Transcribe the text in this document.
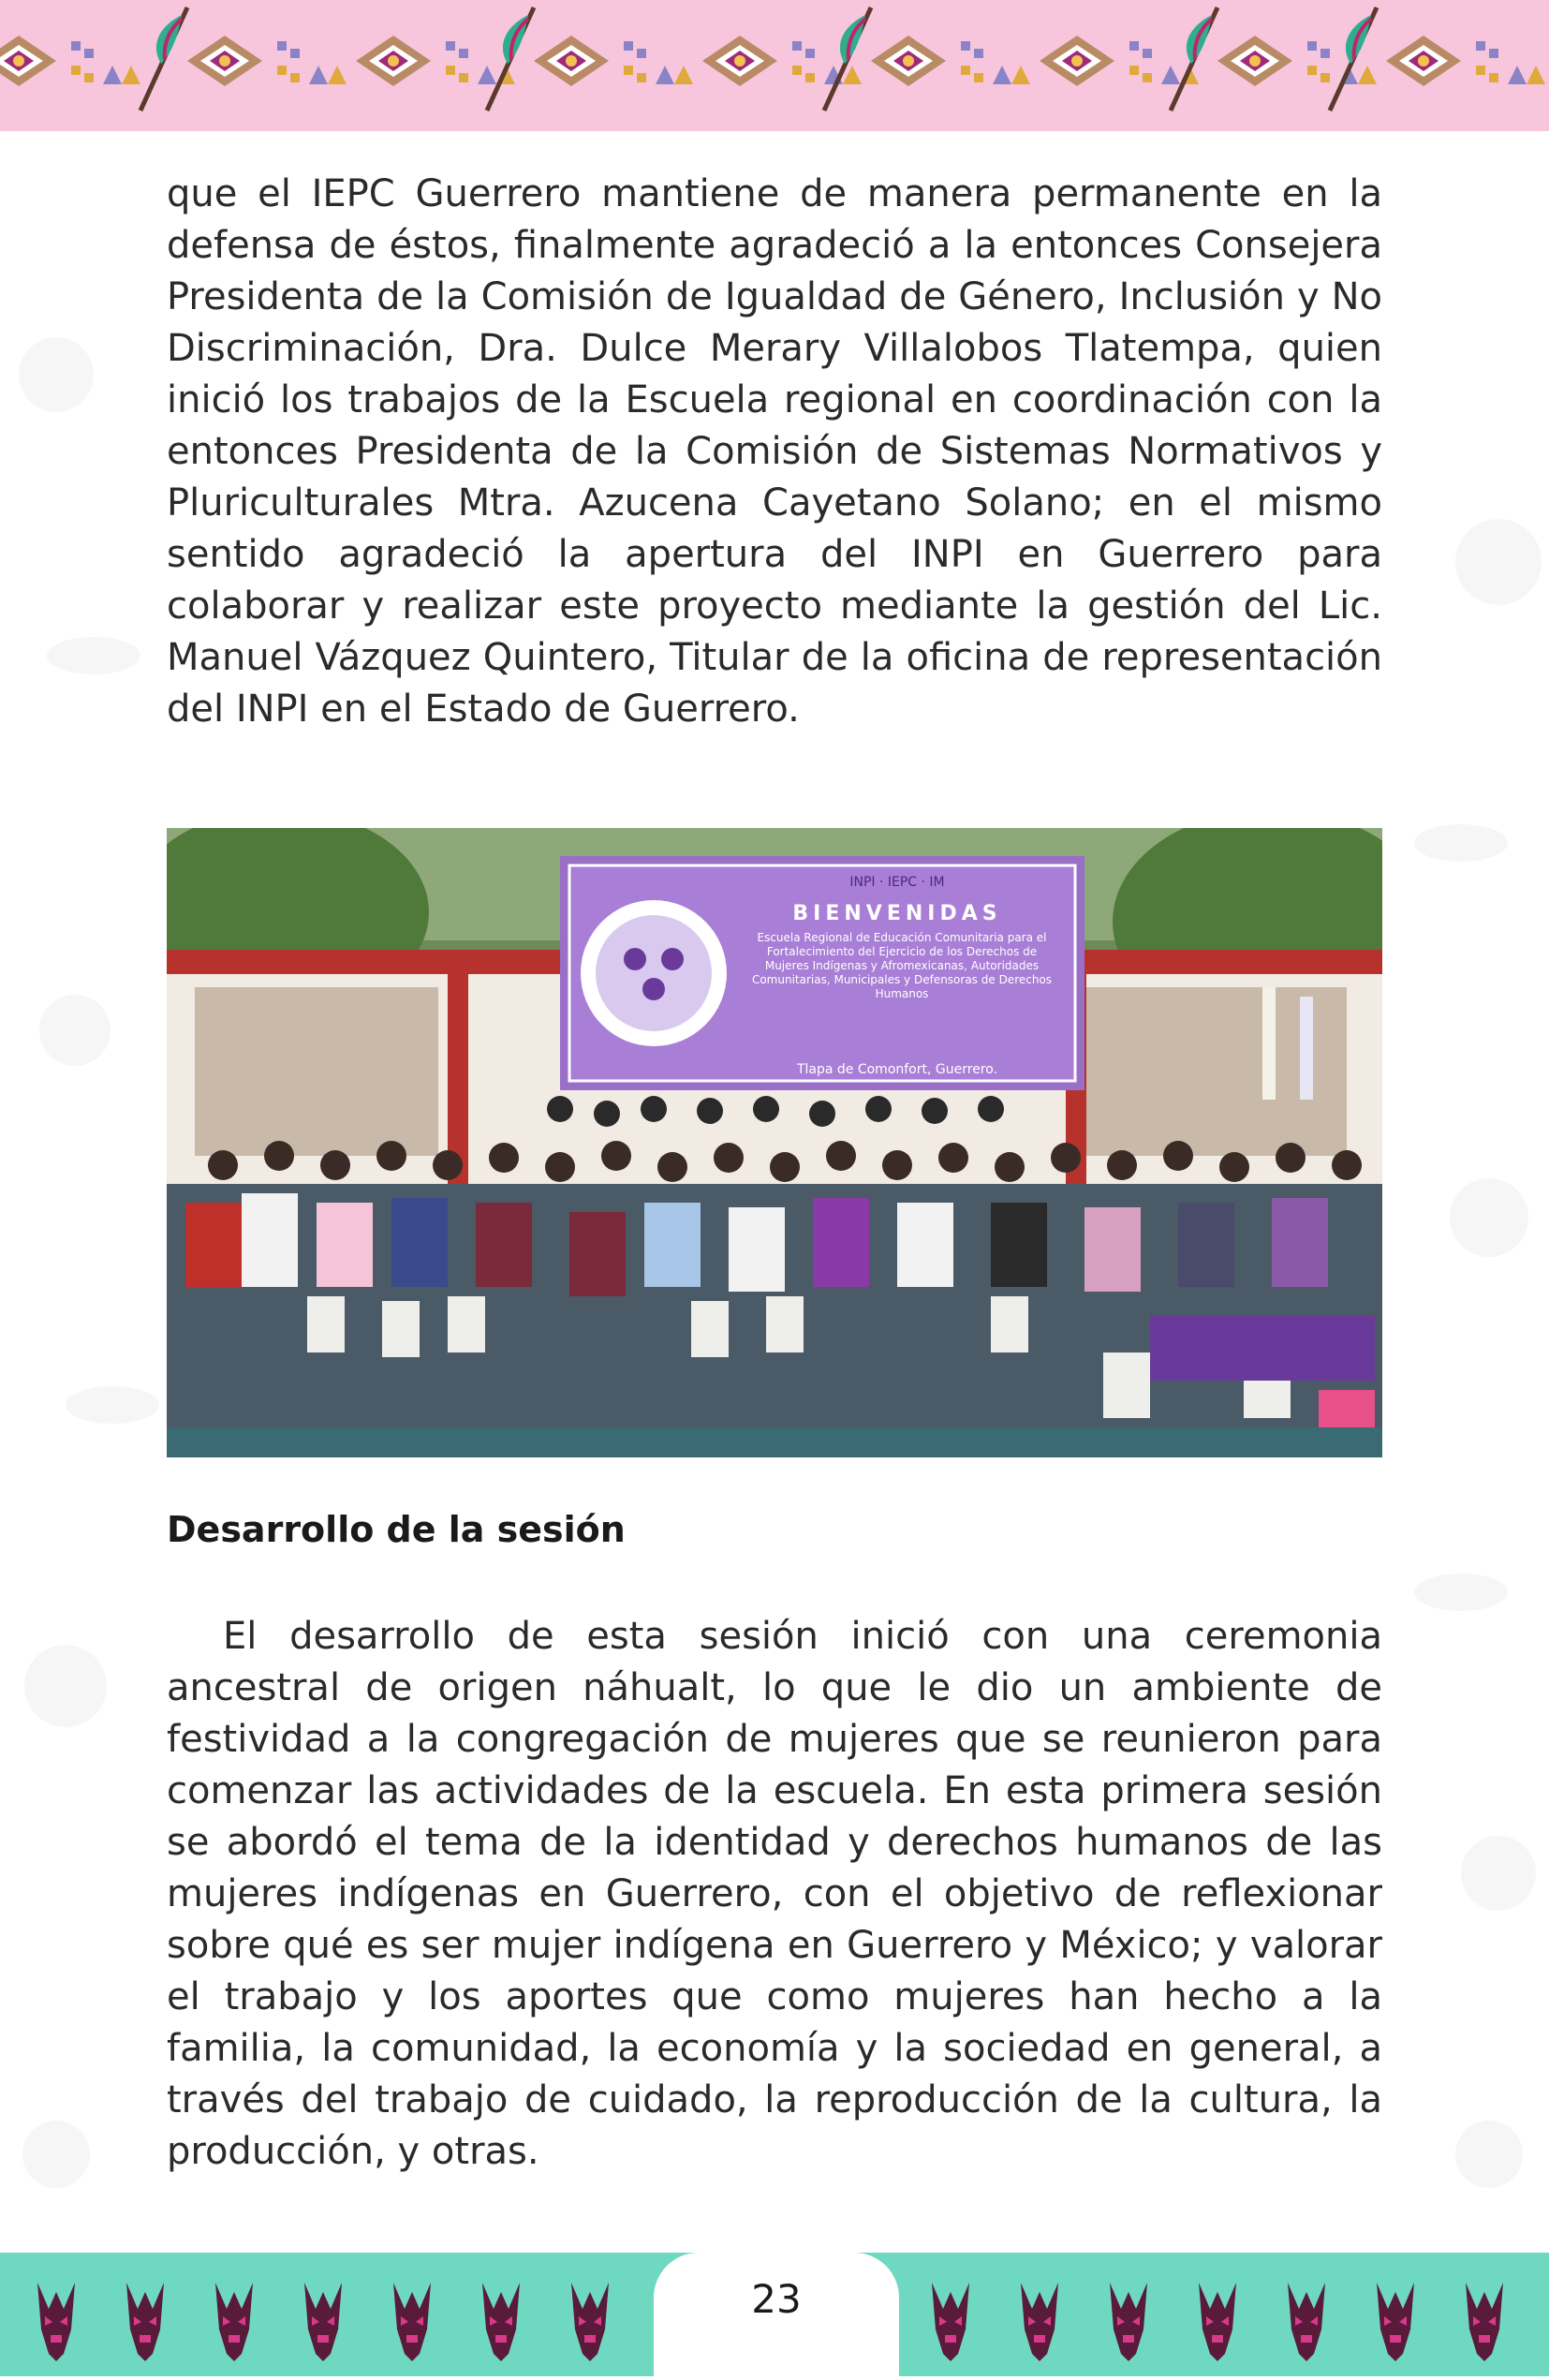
que el IEPC Guerrero mantiene de manera permanente en la defensa de éstos, finalmente agradeció a la entonces Consejera Presidenta de la Comisión de Igualdad de Género, Inclusión y No Discriminación, Dra. Dulce Merary Villalobos Tlatempa, quien inició los trabajos de la Escuela regional en coordinación con la entonces Presidenta de la Comisión de Sistemas Normativos y Pluriculturales Mtra. Azucena Cayetano Solano; en el mismo sentido agradeció la apertura del INPI en Guerrero para colaborar y realizar este proyecto mediante la gestión del Lic. Manuel Vázquez Quintero, Titular de la oficina de representación del INPI en el Estado de Guerrero.

BIENVENIDAS
INPI · IEPC · IM
Escuela Regional de Educación Comunitaria para el Fortalecimiento del Ejercicio de los Derechos de Mujeres Indígenas y Afromexicanas, Autoridades Comunitarias, Municipales y Defensoras de Derechos Humanos
Tlapa de Comonfort, Guerrero.
Desarrollo de la sesión

El desarrollo de esta sesión inició con una ceremonia ancestral de origen náhualt, lo que le dio un ambiente de festividad a la congregación de mujeres que se reunieron para comenzar las actividades de la escuela. En esta primera sesión se abordó el tema de la identidad y derechos humanos de las mujeres indígenas en Guerrero, con el objetivo de reflexionar sobre qué es ser mujer indígena en Guerrero y México; y valorar el trabajo y los aportes que como mujeres han hecho a la familia, la comunidad, la economía y la sociedad en general, a través del trabajo de cuidado, la reproducción de la cultura, la producción, y otras.

23
